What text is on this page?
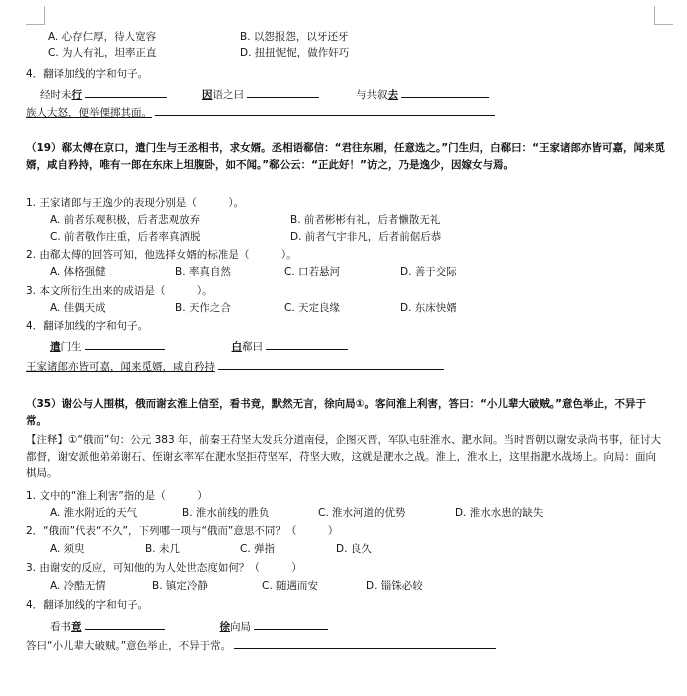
A. 心存仁厚，待人宽容	B. 以怨报怨，以牙还牙
C. 为人有礼，坦率正直	D. 扭扭怩怩，做作奸巧
4．翻译加线的字和句子。
经时未行	因语之曰	与共叙去
族人大怒，便举傈掷其面。
（19）郗太傅在京口，遣门生与王丞相书，求女婿。丞相语郗信：“君往东厢，任意选之。”门生归，白郗曰：“王家诸郎亦皆可嘉，闻来觅婿，咸自矜持，唯有一郎在东床上坦腹卧，如不闻。”郗公云：“正此好！”访之，乃是逸少，因嫁女与焉。
1. 王家诸郎与王逸少的表现分别是（　　　）。
A. 前者乐观积极，后者悲观放弃	B. 前者彬彬有礼，后者懒散无礼
C. 前者敬作庄重，后者率真洒脱	D. 前者气宇非凡，后者前倨后恭
2. 由郗太傅的回答可知，他选择女婿的标准是（　　　）。
A. 体格强健	B. 率真自然	C. 口若悬河	D. 善于交际
3. 本文所衍生出来的成语是（　　　）。
A. 佳偶天成	B. 天作之合	C. 天定良缘	D. 东床快婿
4．翻译加线的字和句子。
遣门生	白郗曰
王家诸郎亦皆可嘉，闻来觅婿，咸自矜持
（35）谢公与人围棋，俄而谢玄淮上信至，看书竟，默然无言，徐向局①。客问淮上利害，答曰：“小儿辈大破贼。”意色举止，不异于常。
【注释】①“俄而”句：公元 383 年，前秦王苻坚大发兵分道南侵，企图灭晋，军队屯驻淮水、淝水间。当时晋朝以谢安录尚书事，征讨大都督，谢安派他弟弟谢石、侄谢玄率军在淝水坚拒苻坚军，苻坚大败，这就是淝水之战。淮上，淮水上，这里指淝水战场上。向局：面向棋局。
1. 文中的“淮上利害”指的是（　　　）
A. 淮水附近的天气	B. 淮水前线的胜负	C. 淮水河道的优势	D. 淮水水患的缺失
2．“俄而”代表“不久”，下列哪一项与“俄而”意思不同？（　　　）
A. 须臾	B. 未几	C. 弹指	D. 良久
3. 由谢安的反应，可知他的为人处世态度如何？（　　　）
A. 冷酷无情	B. 镇定冷静	C. 随遇而安	D. 锱铢必较
4．翻译加线的字和句子。
看书竟	徐向局
答曰“小儿辈大破贼。”意色举止，不异于常。
